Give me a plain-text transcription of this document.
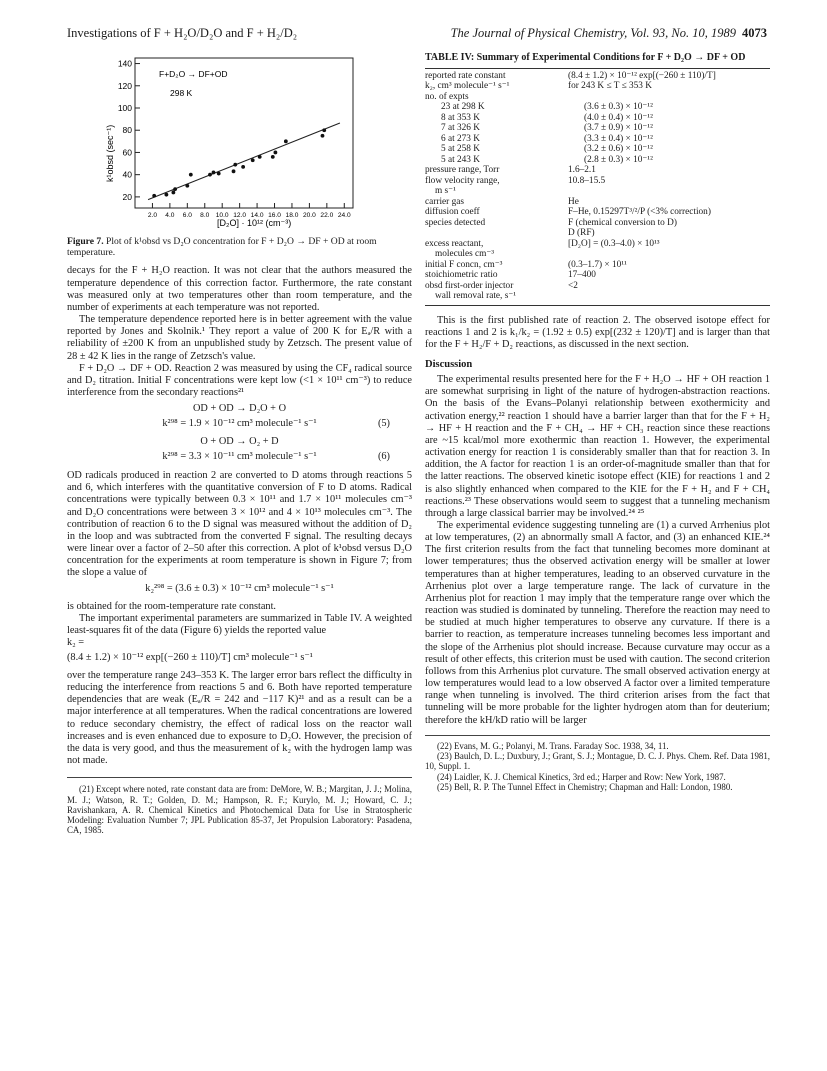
Investigations of F + H₂O/D₂O and F + H₂/D₂	The Journal of Physical Chemistry, Vol. 93, No. 10, 1989 4073
20
40
60
80
100
120
140
2.0 4.0 6.0 8.0 10.0 12.0 14.0 16.0 18.0 20.0 22.0 24.0
F+D₂O → DF+OD
298 K
k¹obsd (sec⁻¹)
[D₂O] · 10¹² (cm⁻³)

Figure 7. Plot of k¹obsd vs D₂O concentration for F + D₂O → DF + OD at room temperature.

decays for the F + H₂O reaction. It was not clear that the authors measured the temperature dependence of this correction factor. Furthermore, the rate constant was measured only at two temperatures other than room temperature, and the number of experiments at each temperature was not reported.

The temperature dependence reported here is in better agreement with the value reported by Jones and Skolnik.¹ They report a value of 200 K for Eₐ/R with a reliability of ±200 K from an unpublished study by Zetzsch. The present value of 28 ± 42 K lies in the range of Zetzsch's value.

F + D₂O → DF + OD. Reaction 2 was measured by using the CF₄ radical source and D₂ titration. Initial F concentrations were kept low (<1 × 10¹¹ cm⁻³) to reduce interference from the secondary reactions²¹

OD + OD → D₂O + O
k²⁹⁸ = 1.9 × 10⁻¹² cm³ molecule⁻¹ s⁻¹	(5)
O + OD → O₂ + D
k²⁹⁸ = 3.3 × 10⁻¹¹ cm³ molecule⁻¹ s⁻¹	(6)

OD radicals produced in reaction 2 are converted to D atoms through reactions 5 and 6, which interferes with the quantitative conversion of F to D atoms. Radical concentrations were typically between 0.3 × 10¹¹ and 1.7 × 10¹¹ molecules cm⁻³ and D₂O concentrations were between 3 × 10¹² and 4 × 10¹³ molecules cm⁻³. The contribution of reaction 6 to the D signal was measured without the addition of D₂ in the loop and was subtracted from the converted F signal. The resulting decays were linear over a factor of 2–50 after this correction. A plot of k¹obsd versus D₂O concentration for the experiments at room temperature is shown in Figure 7; from the slope a value of

k₂²⁹⁸ = (3.6 ± 0.3) × 10⁻¹² cm³ molecule⁻¹ s⁻¹

is obtained for the room-temperature rate constant.

The important experimental parameters are summarized in Table IV. A weighted least-squares fit of the data (Figure 6) yields the reported value

k₂ =
(8.4 ± 1.2) × 10⁻¹² exp[(−260 ± 110)/T] cm³ molecule⁻¹ s⁻¹

over the temperature range 243–353 K. The larger error bars reflect the difficulty in reducing the interference from reactions 5 and 6. Both have reported temperature dependencies that are weak (Eₐ/R = 242 and −117 K)²¹ and as a result can be a major interference at all temperatures. When the radical concentrations are lowered to reduce secondary chemistry, the effect of radical loss on the reactor wall increases and is even enhanced due to exposure to D₂O. However, the precision of the data is very good, and thus the measurement of k₂ with the hydrogen lamp was not made.

(21) Except where noted, rate constant data are from: DeMore, W. B.; Margitan, J. J.; Molina, M. J.; Watson, R. T.; Golden, D. M.; Hampson, R. F.; Kurylo, M. J.; Howard, C. J.; Ravishankara, A. R. Chemical Kinetics and Photochemical Data for Use in Stratospheric Modeling: Evaluation Number 7; JPL Publication 85-37, Jet Propulsion Laboratory: Pasadena, CA, 1985.

TABLE IV: Summary of Experimental Conditions for F + D₂O → DF + OD
reported rate constant	(8.4 ± 1.2) × 10⁻¹² exp[(−260 ± 110)/T]
k₂, cm³ molecule⁻¹ s⁻¹	for 243 K ≤ T ≤ 353 K
no. of expts
23 at 298 K	(3.6 ± 0.3) × 10⁻¹²
8 at 353 K	(4.0 ± 0.4) × 10⁻¹²
7 at 326 K	(3.7 ± 0.9) × 10⁻¹²
6 at 273 K	(3.3 ± 0.4) × 10⁻¹²
5 at 258 K	(3.2 ± 0.6) × 10⁻¹²
5 at 243 K	(2.8 ± 0.3) × 10⁻¹²
pressure range, Torr	1.6–2.1
flow velocity range,	10.8–15.5
m s⁻¹
carrier gas	He
diffusion coeff	F–He, 0.15297T³/²/P (<3% correction)
species detected	F (chemical conversion to D)
D (RF)
excess reactant,	[D₂O] = (0.3–4.0) × 10¹³
molecules cm⁻³
initial F concn, cm⁻³	(0.3–1.7) × 10¹¹
stoichiometric ratio	17–400
obsd first-order injector	<2
wall removal rate, s⁻¹

This is the first published rate of reaction 2. The observed isotope effect for reactions 1 and 2 is k₁/k₂ = (1.92 ± 0.5) exp[(232 ± 120)/T] and is larger than that for the F + H₂/F + D₂ reactions, as discussed in the next section.

Discussion

The experimental results presented here for the F + H₂O → HF + OH reaction 1 are somewhat surprising in light of the nature of hydrogen-abstraction reactions. On the basis of the Evans–Polanyi relationship between exothermicity and activation energy,²² reaction 1 should have a barrier larger than that for the F + H₂ → HF + H reaction and the F + CH₄ → HF + CH₃ reaction since these reactions are ~15 kcal/mol more exothermic than reaction 1. However, the experimental activation energy for reaction 1 is considerably smaller than that for reaction 3. In addition, the A factor for reaction 1 is an order-of-magnitude smaller than that for the latter reactions. The observed kinetic isotope effect (KIE) for reactions 1 and 2 is also slightly enhanced when compared to the KIE for the F + H₂ and F + CH₄ reactions.²³ These observations would seem to suggest that a tunneling mechanism through a large classical barrier may be involved.²⁴ ²⁵

The experimental evidence suggesting tunneling are (1) a curved Arrhenius plot at low temperatures, (2) an abnormally small A factor, and (3) an enhanced KIE.²⁴ The first criterion results from the fact that tunneling becomes more dominant at lower temperatures; thus the observed activation energy will be smaller at lower temperatures than at higher temperatures, leading to an observed curvature in the Arrhenius plot over a large temperature range. The lack of curvature in the Arrhenius plot for reaction 1 may imply that the temperature range over which the reaction was studied is dominated by tunneling. Therefore the reaction may need to be studied at much higher temperatures to observe any curvature. If there is a barrier to reaction, as temperature increases tunneling becomes less important and the slope of the Arrhenius plot should increase. Because curvature may occur as a result of other effects, this criterion must be used with caution. The second criterion follows from this Arrhenius plot curvature. The small observed activation energy at low temperatures would lead to a low observed A factor over a limited temperature range when tunneling is involved. The third criterion arises from the fact that tunneling will be more probable for the lighter hydrogen atom than for deuterium; therefore the kH/kD ratio will be larger

(22) Evans, M. G.; Polanyi, M. Trans. Faraday Soc. 1938, 34, 11.

(23) Baulch, D. L.; Duxbury, J.; Grant, S. J.; Montague, D. C. J. Phys. Chem. Ref. Data 1981, 10, Suppl. 1.

(24) Laidler, K. J. Chemical Kinetics, 3rd ed.; Harper and Row: New York, 1987.

(25) Bell, R. P. The Tunnel Effect in Chemistry; Chapman and Hall: London, 1980.
